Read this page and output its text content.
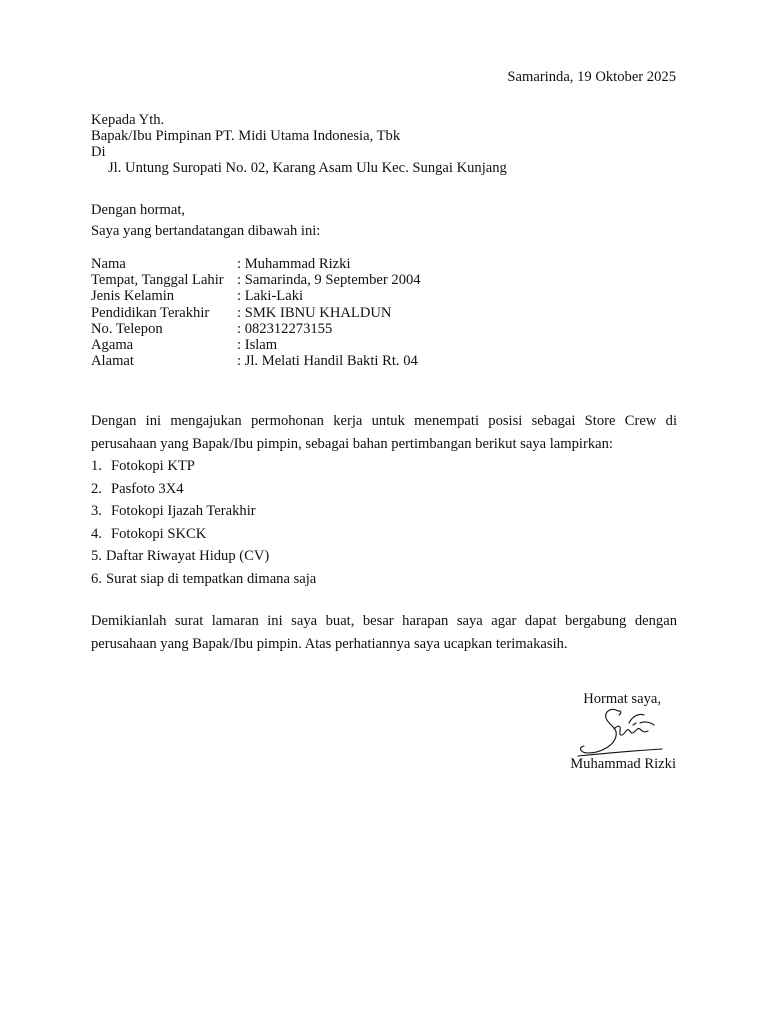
Samarinda, 19 Oktober 2025
Kepada Yth.
Bapak/Ibu Pimpinan PT. Midi Utama Indonesia, Tbk
Di
Jl. Untung Suropati No. 02, Karang Asam Ulu Kec. Sungai Kunjang
Dengan hormat,
Saya yang bertandatangan dibawah ini:
Nama	: Muhammad Rizki
Tempat, Tanggal Lahir : Samarinda, 9 September 2004
Jenis Kelamin	: Laki-Laki
Pendidikan Terakhir	: SMK IBNU KHALDUN
No. Telepon	: 082312273155
Agama	: Islam
Alamat	: Jl. Melati Handil Bakti Rt. 04

Dengan ini mengajukan permohonan kerja untuk menempati posisi sebagai Store Crew di perusahaan yang Bapak/Ibu pimpin, sebagai bahan pertimbangan berikut saya lampirkan:

1. Fotokopi KTP
2. Pasfoto 3X4
3. Fotokopi Ijazah Terakhir
4. Fotokopi SKCK
5. Daftar Riwayat Hidup (CV)
6. Surat siap di tempatkan dimana saja

Demikianlah surat lamaran ini saya buat, besar harapan saya agar dapat bergabung dengan perusahaan yang Bapak/Ibu pimpin. Atas perhatiannya saya ucapkan terimakasih.

Hormat saya,
Muhammad Rizki
